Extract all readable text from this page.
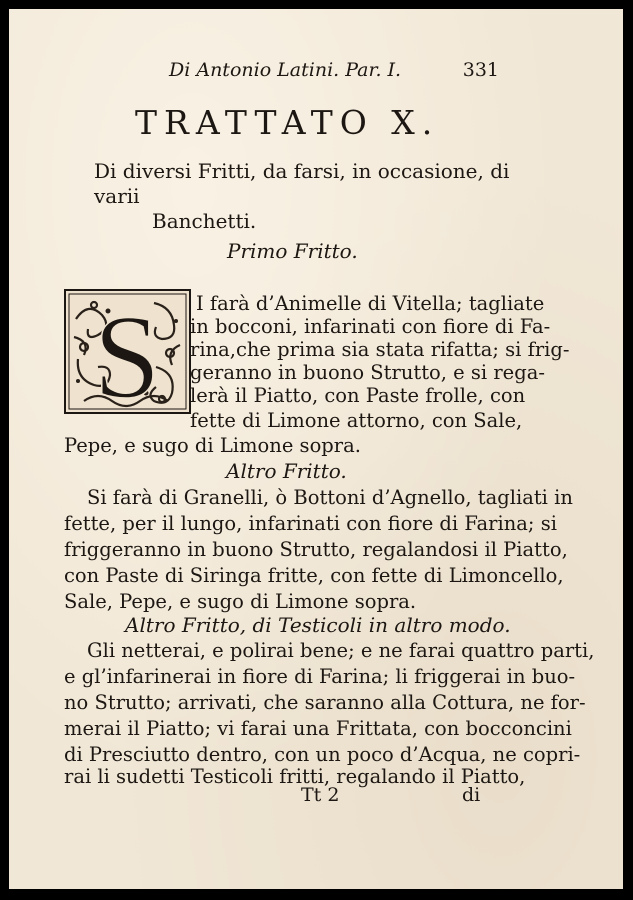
Di Antonio Latini. Par. I.	331
TRATTATO X.
Di diversi Fritti, da farsi, in occasione, di varii
Banchetti.
Primo Fritto.
S I farà d’Animelle di Vitella; tagliate
in bocconi, infarinati con fiore di Fa-
rina,che prima sia stata rifatta; si frig-
geranno in buono Strutto, e si rega-
lerà il Piatto, con Paste frolle, con
fette di Limone attorno, con Sale,
Pepe, e sugo di Limone sopra.
Altro Fritto.
Si farà di Granelli, ò Bottoni d’Agnello, tagliati in
fette, per il lungo, infarinati con fiore di Farina; si
friggeranno in buono Strutto, regalandosi il Piatto,
con Paste di Siringa fritte, con fette di Limoncello,
Sale, Pepe, e sugo di Limone sopra.
Altro Fritto, di Testicoli in altro modo.
Gli netterai, e polirai bene; e ne farai quattro parti,
e gl’infarinerai in fiore di Farina; li friggerai in buo-
no Strutto; arrivati, che saranno alla Cottura, ne for-
merai il Piatto; vi farai una Frittata, con bocconcini
di Presciutto dentro, con un poco d’Acqua, ne copri-
rai li sudetti Testicoli fritti, regalando il Piatto,
Tt 2	di
